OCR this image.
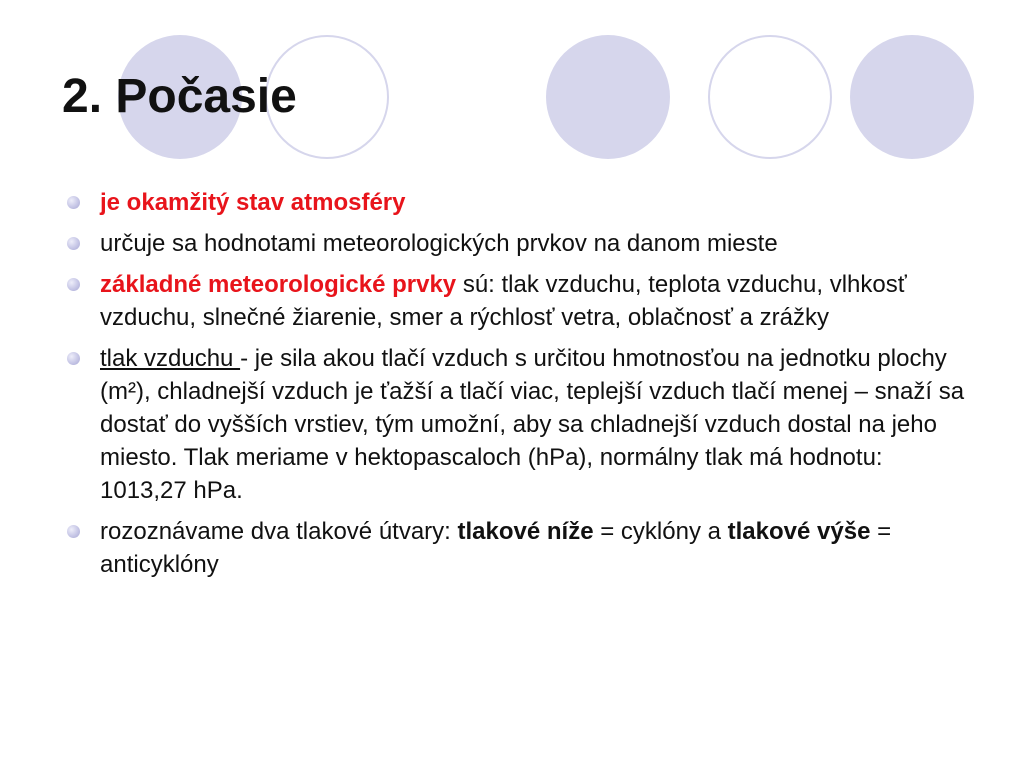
2. Počasie
je okamžitý stav atmosféry
určuje sa hodnotami meteorologických prvkov na danom mieste
základné meteorologické prvky sú: tlak vzduchu, teplota vzduchu, vlhkosť vzduchu, slnečné žiarenie, smer a rýchlosť vetra, oblačnosť a zrážky
tlak vzduchu - je sila akou tlačí vzduch s určitou hmotnosťou na jednotku plochy (m²), chladnejší vzduch je ťažší a tlačí viac, teplejší vzduch tlačí menej – snaží sa dostať do vyšších vrstiev, tým umožní, aby sa chladnejší vzduch dostal na jeho miesto. Tlak meriame v hektopascaloch (hPa), normálny tlak má hodnotu: 1013,27 hPa.
rozoznávame dva tlakové útvary: tlakové níže = cyklóny a tlakové výše = anticyklóny
